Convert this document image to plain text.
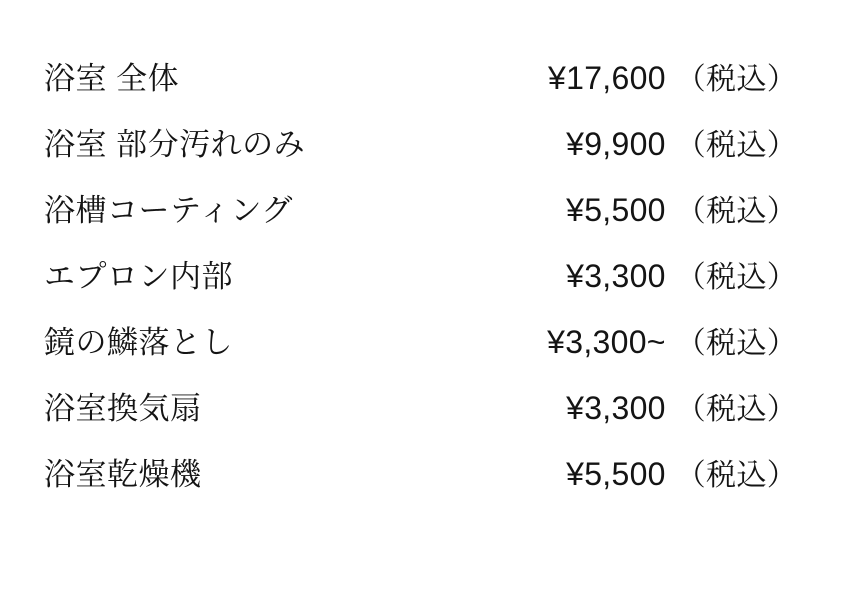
浴室 全体	¥17,600 （税込）
浴室 部分汚れのみ	¥9,900 （税込）
浴槽コーティング	¥5,500 （税込）
エプロン内部	¥3,300 （税込）
鏡の鱗落とし	¥3,300~ （税込）
浴室換気扇	¥3,300 （税込）
浴室乾燥機	¥5,500 （税込）
